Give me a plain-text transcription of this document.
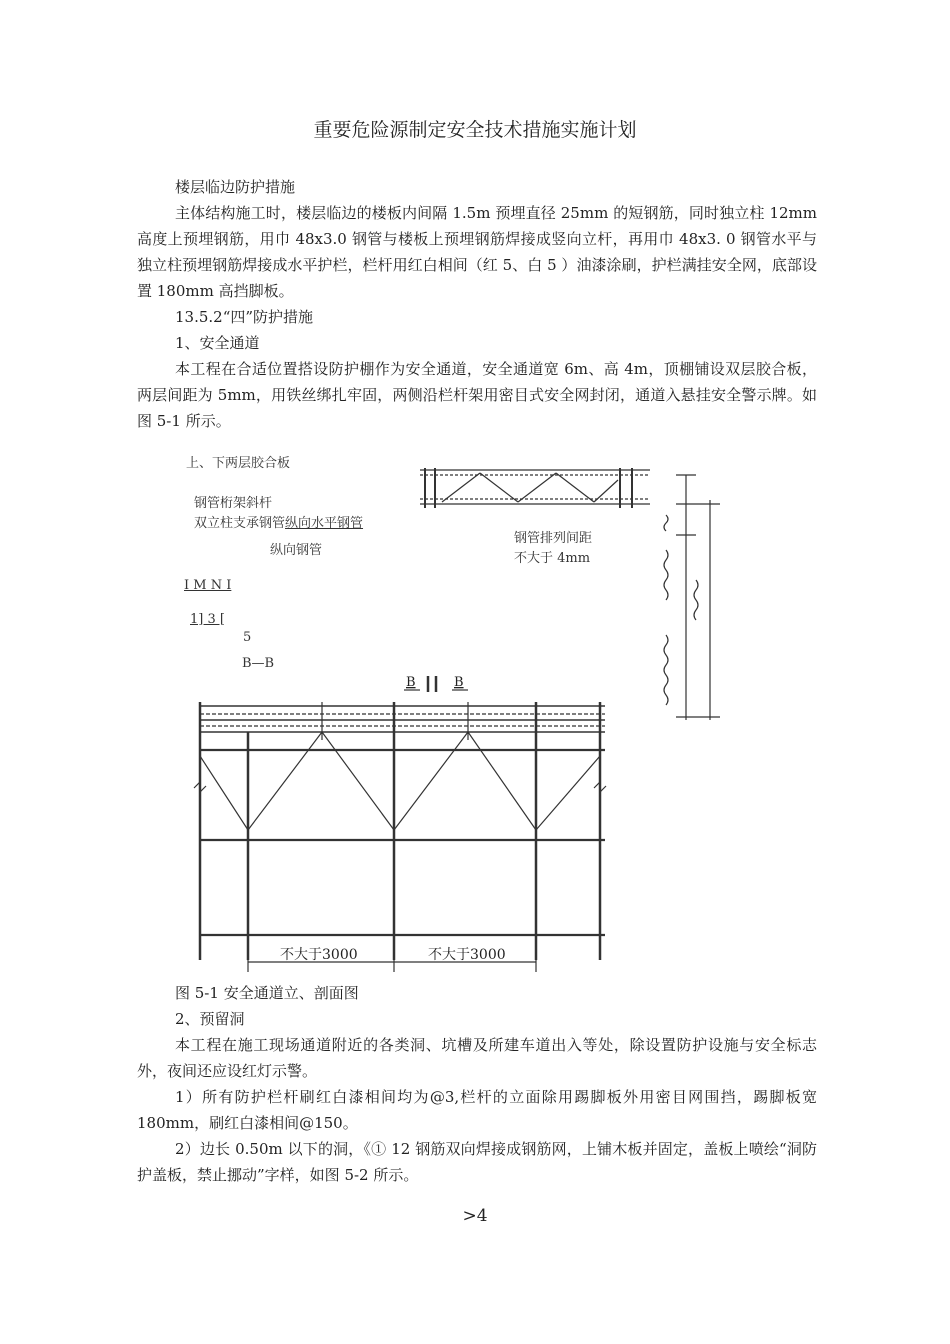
重要危险源制定安全技术措施实施计划
楼层临边防护措施
主体结构施工时，楼层临边的楼板内间隔 1.5m 预埋直径 25mm 的短钢筋，同时独立柱 12mm 高度上预埋钢筋，用巾 48x3.0 钢管与楼板上预埋钢筋焊接成竖向立杆，再用巾 48x3. 0 钢管水平与独立柱预埋钢筋焊接成水平护栏，栏杆用红白相间（红 5、白 5 ）油漆涂刷，护栏满挂安全网，底部设置 180mm 高挡脚板。
13.5.2“四”防护措施
1、安全通道
本工程在合适位置搭设防护棚作为安全通道，安全通道宽 6m、高 4m，顶棚铺设双层胶合板，两层间距为 5mm，用铁丝绑扎牢固，两侧沿栏杆架用密目式安全网封闭，通道入悬挂安全警示牌。如图 5-1 所示。
上、下两层胶合板
钢管桁架斜杆
双立柱支承钢管纵向水平钢管
纵向钢管
钢管排列间距
不大于 4mm
I M N I
1] 3 [
5
B—B
B	B
不大于3000	不大于3000
图 5-1 安全通道立、剖面图
2、预留洞
本工程在施工现场通道附近的各类洞、坑槽及所建车道出入等处，除设置防护设施与安全标志外，夜间还应设红灯示警。
1）所有防护栏杆刷红白漆相间均为@3,栏杆的立面除用踢脚板外用密目网围挡，踢脚板宽 180mm，刷红白漆相间@150。
2）边长 0.50m 以下的洞，《① 12 钢筋双向焊接成钢筋网，上铺木板并固定，盖板上喷绘“洞防护盖板，禁止挪动”字样，如图 5-2 所示。
>4
